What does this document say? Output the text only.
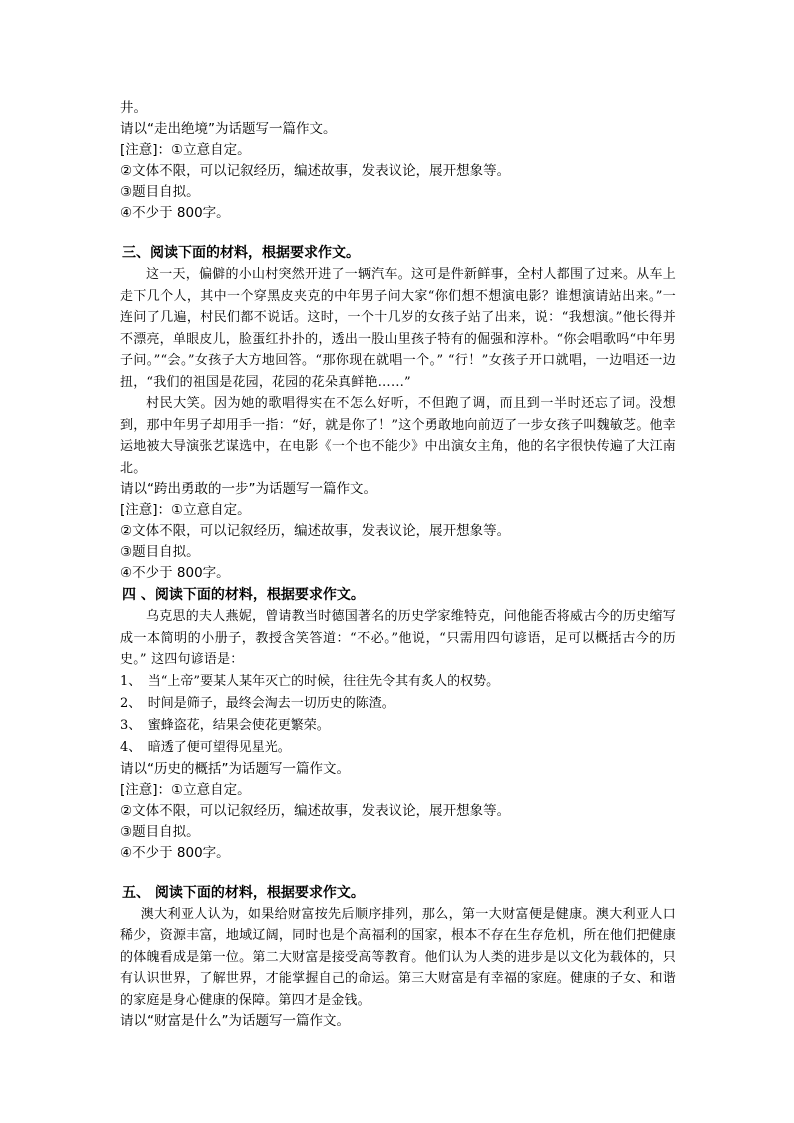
井。
请以“走出绝境”为话题写一篇作文。
[注意]：①立意自定。
②文体不限，可以记叙经历，编述故事，发表议论，展开想象等。
③题目自拟。
④不少于 800字。
三、阅读下面的材料，根据要求作文。

这一天，偏僻的小山村突然开进了一辆汽车。这可是件新鲜事，全村人都围了过来。从车上走下几个人，其中一个穿黑皮夹克的中年男子问大家“你们想不想演电影？谁想演请站出来。”一连问了几遍，村民们都不说话。这时，一个十几岁的女孩子站了出来，说：“我想演。”他长得并不漂亮，单眼皮儿，脸蛋红扑扑的，透出一股山里孩子特有的倔强和淳朴。“你会唱歌吗“中年男子问。”“会。”女孩子大方地回答。“那你现在就唱一个。” “行！”女孩子开口就唱，一边唱还一边扭，“我们的祖国是花园，花园的花朵真鲜艳……”

村民大笑。因为她的歌唱得实在不怎么好听，不但跑了调，而且到一半时还忘了词。没想到，那中年男子却用手一指：“好，就是你了！”这个勇敢地向前迈了一步女孩子叫魏敏芝。他幸运地被大导演张艺谋选中，在电影《一个也不能少》中出演女主角，他的名字很快传遍了大江南北。

请以“跨出勇敢的一步”为话题写一篇作文。
[注意]：①立意自定。
②文体不限，可以记叙经历，编述故事，发表议论，展开想象等。
③题目自拟。
④不少于 800字。
四 、阅读下面的材料，根据要求作文。

乌克思的夫人燕妮，曾请教当时德国著名的历史学家维特克，问他能否将威古今的历史缩写成一本简明的小册子，教授含笑答道：“不必。”他说，“只需用四句谚语，足可以概括古今的历史。” 这四句谚语是：

1、　当“上帝”要某人某年灭亡的时候，往往先令其有炙人的权势。
2、　时间是筛子，最终会淘去一切历史的陈渣。
3、　蜜蜂盗花，结果会使花更繁荣。
4、　暗透了便可望得见星光。
请以“历史的概括”为话题写一篇作文。
[注意]：①立意自定。
②文体不限，可以记叙经历，编述故事，发表议论，展开想象等。
③题目自拟。
④不少于 800字。
五、 阅读下面的材料，根据要求作文。

澳大利亚人认为，如果给财富按先后顺序排列，那么，第一大财富便是健康。澳大利亚人口稀少，资源丰富，地域辽阔，同时也是个高福利的国家，根本不存在生存危机，所在他们把健康的体魄看成是第一位。第二大财富是接受高等教育。他们认为人类的进步是以文化为载体的，只有认识世界，了解世界，才能掌握自己的命运。第三大财富是有幸福的家庭。健康的子女、和谐的家庭是身心健康的保障。第四才是金钱。

请以“财富是什么”为话题写一篇作文。
